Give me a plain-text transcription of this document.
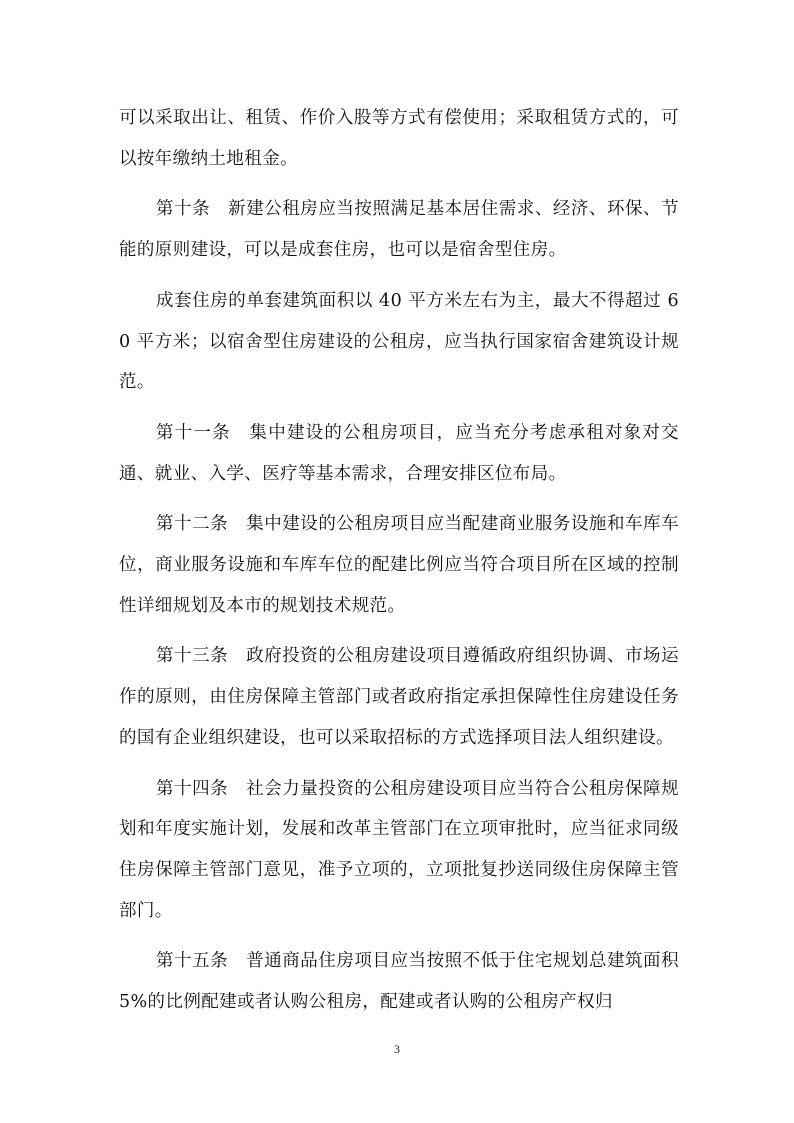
可以采取出让、租赁、作价入股等方式有偿使用；采取租赁方式的，可以按年缴纳土地租金。

第十条　新建公租房应当按照满足基本居住需求、经济、环保、节能的原则建设，可以是成套住房，也可以是宿舍型住房。

成套住房的单套建筑面积以 40 平方米左右为主，最大不得超过 60 平方米；以宿舍型住房建设的公租房，应当执行国家宿舍建筑设计规范。

第十一条　集中建设的公租房项目，应当充分考虑承租对象对交通、就业、入学、医疗等基本需求，合理安排区位布局。

第十二条　集中建设的公租房项目应当配建商业服务设施和车库车位，商业服务设施和车库车位的配建比例应当符合项目所在区域的控制性详细规划及本市的规划技术规范。

第十三条　政府投资的公租房建设项目遵循政府组织协调、市场运作的原则，由住房保障主管部门或者政府指定承担保障性住房建设任务的国有企业组织建设，也可以采取招标的方式选择项目法人组织建设。

第十四条　社会力量投资的公租房建设项目应当符合公租房保障规划和年度实施计划，发展和改革主管部门在立项审批时，应当征求同级住房保障主管部门意见，准予立项的，立项批复抄送同级住房保障主管部门。

第十五条　普通商品住房项目应当按照不低于住宅规划总建筑面积 5%的比例配建或者认购公租房，配建或者认购的公租房产权归

3
